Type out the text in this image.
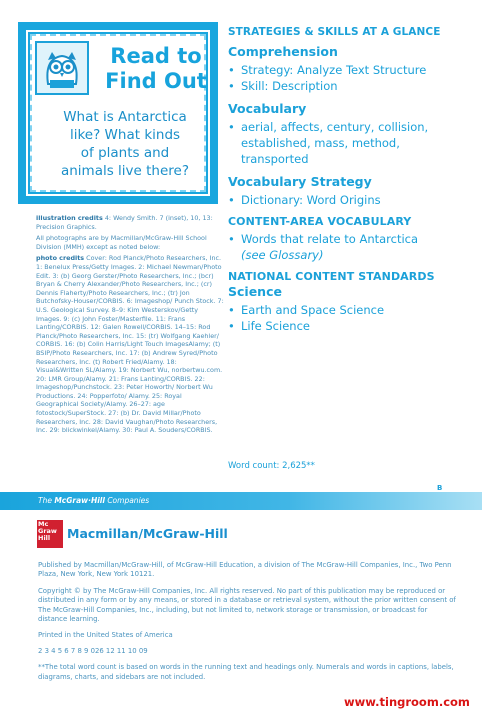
Read to
Find Out
What is Antarctica
like? What kinds
of plants and
animals live there?
STRATEGIES & SKILLS AT A GLANCE
Comprehension
• Strategy: Analyze Text Structure
• Skill: Description
Vocabulary
• aerial, affects, century, collision,
established, mass, method,
transported
Vocabulary Strategy
• Dictionary: Word Origins
CONTENT-AREA VOCABULARY
• Words that relate to Antarctica
(see Glossary)
NATIONAL CONTENT STANDARDS
Science
• Earth and Space Science
• Life Science
Word count: 2,625**

illustration credits 4: Wendy Smith. 7 (inset), 10, 13: Precision Graphics.

All photographs are by Macmillan/McGraw-Hill School Division (MMH) except as noted below:

photo credits Cover: Rod Planck/Photo Researchers, Inc. 1: Benelux Press/Getty Images. 2: Michael Newman/Photo Edit. 3: (b) Georg Gerster/Photo Researchers, Inc.; (bcr) Bryan & Cherry Alexander/Photo Researchers, Inc.; (cr) Dennis Flaherty/Photo Researchers, Inc.; (tr) Jon Butchofsky-Houser/CORBIS. 6: Imageshop/ Punch Stock. 7: U.S. Geological Survey. 8–9: Kim Westerskov/Getty Images. 9: (c) John Foster/Masterfile. 11: Frans Lanting/CORBIS. 12: Galen Rowell/CORBIS. 14–15: Rod Planck/Photo Researchers, Inc. 15: (tr) Wolfgang Kaehler/ CORBIS. 16: (b) Colin Harris/Light Touch ImagesAlamy; (t) BSIP/Photo Researchers, Inc. 17: (b) Andrew Syred/Photo Researchers, Inc. (t) Robert Fried/Alamy. 18: Visual&Written SL/Alamy. 19: Norbert Wu, norbertwu.com. 20: LMR Group/Alamy. 21: Frans Lanting/CORBIS. 22: Imageshop/Punchstock. 23: Peter Howorth/ Norbert Wu Productions. 24: Popperfoto/ Alamy. 25: Royal Geographical Society/Alamy. 26–27: age fotostock/SuperStock. 27: (b) Dr. David Millar/Photo Researchers, Inc. 28: David Vaughan/Photo Researchers, Inc. 29: blickwinkel/Alamy. 30: Paul A. Souders/CORBIS.

B
The McGraw·Hill Companies
Mc
Graw
Hill	Macmillan/McGraw-Hill

Published by Macmillan/McGraw-Hill, of McGraw-Hill Education, a division of The McGraw-Hill Companies, Inc., Two Penn Plaza, New York, New York 10121.

Copyright © by The McGraw-Hill Companies, Inc. All rights reserved. No part of this publication may be reproduced or distributed in any form or by any means, or stored in a database or retrieval system, without the prior written consent of The McGraw-Hill Companies, Inc., including, but not limited to, network storage or transmission, or broadcast for distance learning.

Printed in the United States of America

2 3 4 5 6 7 8 9 026 12 11 10 09

**The total word count is based on words in the running text and headings only. Numerals and words in captions, labels, diagrams, charts, and sidebars are not included.

www.tingroom.com
